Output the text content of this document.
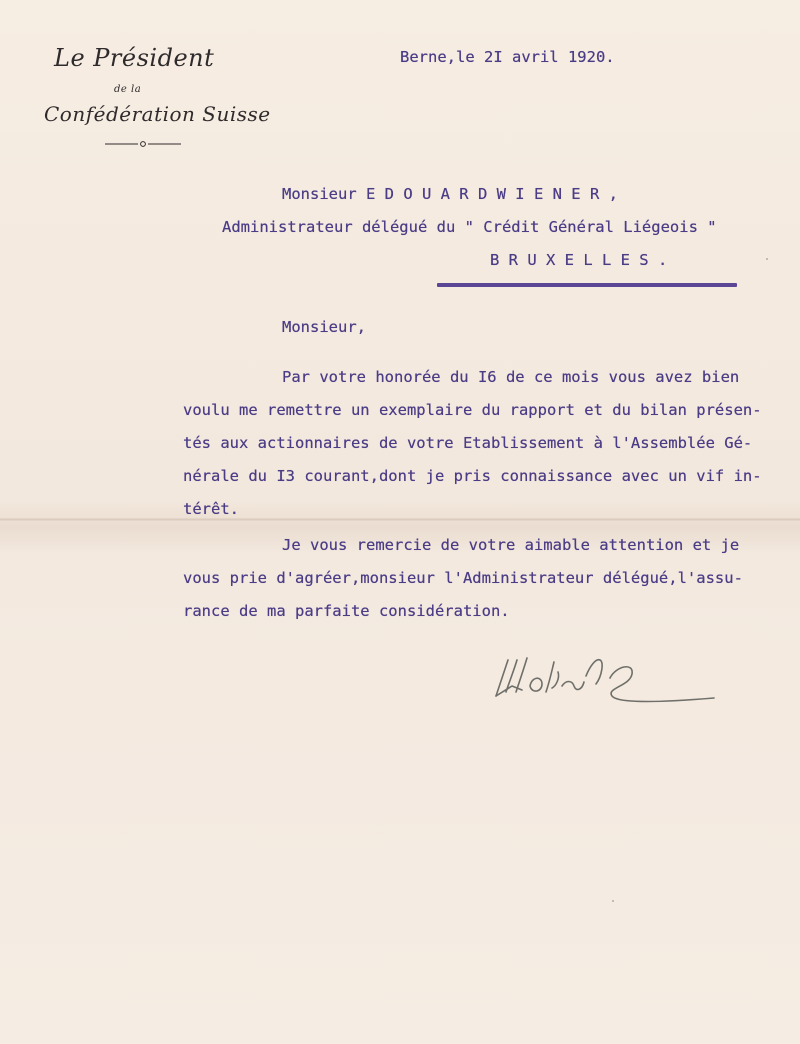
Le Président
de la
Confédération Suisse
Berne,le 2I avril 1920.
Monsieur E D O U A R D W I E N E R ,
Administrateur délégué du " Crédit Général Liégeois "
B R U X E L L E S .
Monsieur,
Par votre honorée du I6 de ce mois vous avez bien
voulu me remettre un exemplaire du rapport et du bilan présen-
tés aux actionnaires de votre Etablissement à l'Assemblée Gé-
nérale du I3 courant,dont je pris connaissance avec un vif in-
térêt.
Je vous remercie de votre aimable attention et je
vous prie d'agréer,monsieur l'Administrateur délégué,l'assu-
rance de ma parfaite considération.
